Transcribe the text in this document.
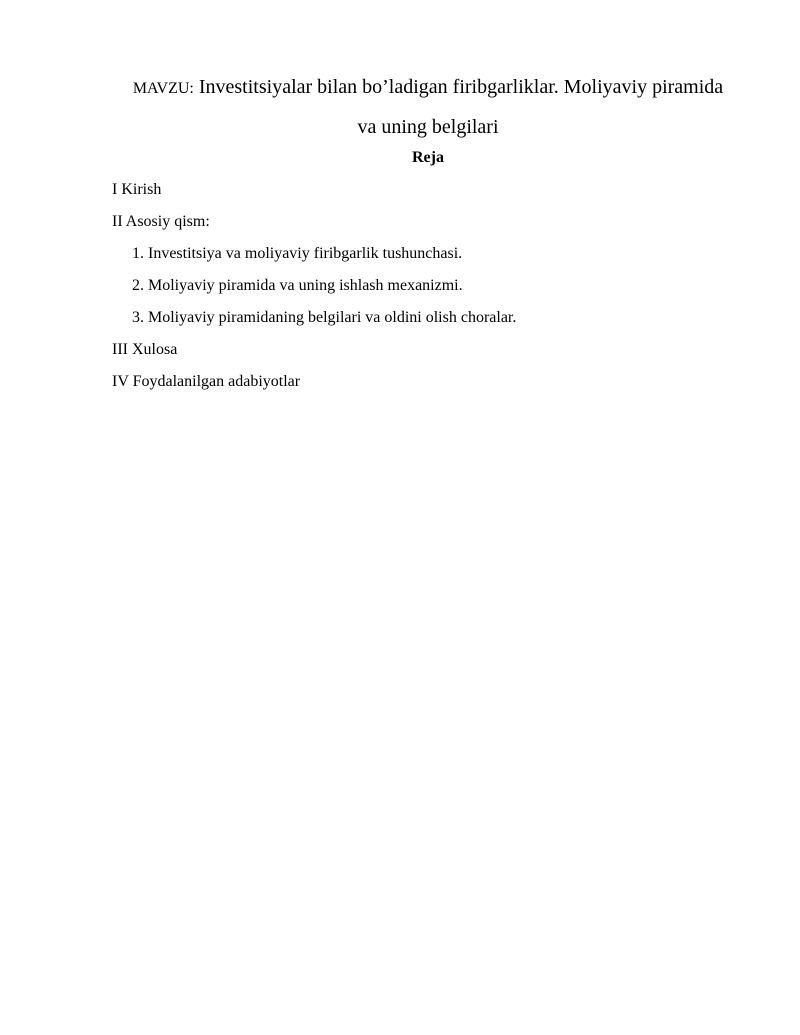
MAVZU: Investitsiyalar bilan bo’ladigan firibgarliklar. Moliyaviy piramida
va uning belgilari
Reja
I Kirish
II Asosiy qism:
1. Investitsiya va moliyaviy firibgarlik tushunchasi.
2. Moliyaviy piramida va uning ishlash mexanizmi.
3. Moliyaviy piramidaning belgilari va oldini olish choralar.
III Xulosa
IV Foydalanilgan adabiyotlar
